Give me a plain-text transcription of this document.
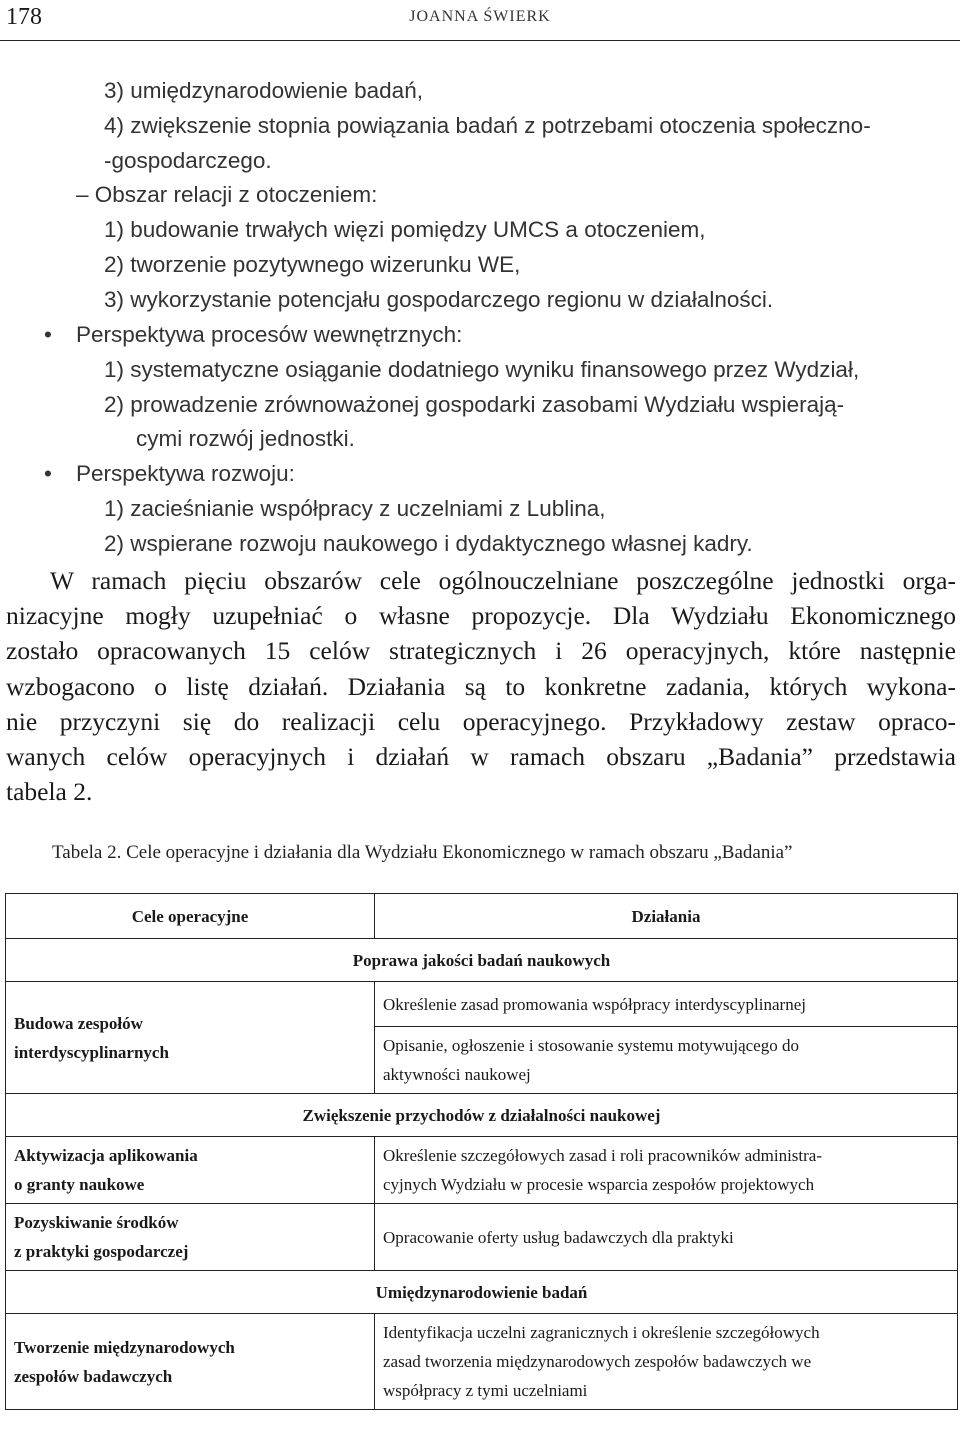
178	JOANNA ŚWIERK
3) umiędzynarodowienie badań,
4) zwiększenie stopnia powiązania badań z potrzebami otoczenia społeczno-
-gospodarczego.
– Obszar relacji z otoczeniem:
1) budowanie trwałych więzi pomiędzy UMCS a otoczeniem,
2) tworzenie pozytywnego wizerunku WE,
3) wykorzystanie potencjału gospodarczego regionu w działalności.
• Perspektywa procesów wewnętrznych:
1) systematyczne osiąganie dodatniego wyniku finansowego przez Wydział,
2) prowadzenie zrównoważonej gospodarki zasobami Wydziału wspierają-
cymi rozwój jednostki.
• Perspektywa rozwoju:
1) zacieśnianie współpracy z uczelniami z Lublina,
2) wspierane rozwoju naukowego i dydaktycznego własnej kadry.
W ramach pięciu obszarów cele ogólnouczelniane poszczególne jednostki orga-
nizacyjne mogły uzupełniać o własne propozycje. Dla Wydziału Ekonomicznego
zostało opracowanych 15 celów strategicznych i 26 operacyjnych, które następnie
wzbogacono o listę działań. Działania są to konkretne zadania, których wykona-
nie przyczyni się do realizacji celu operacyjnego. Przykładowy zestaw opraco-
wanych celów operacyjnych i działań w ramach obszaru „Badania” przedstawia
tabela 2.
Tabela 2. Cele operacyjne i działania dla Wydziału Ekonomicznego w ramach obszaru „Badania”
Cele operacyjne	Działania
Poprawa jakości badań naukowych	
Budowa zespołów
interdyscyplinarnych	Określenie zasad promowania współpracy interdyscyplinarnej
	Opisanie, ogłoszenie i stosowanie systemu motywującego do
aktywności naukowej
Zwiększenie przychodów z działalności naukowej	
Aktywizacja aplikowania
o granty naukowe	Określenie szczegółowych zasad i roli pracowników administra-
cyjnych Wydziału w procesie wsparcia zespołów projektowych
Pozyskiwanie środków
z praktyki gospodarczej	Opracowanie oferty usług badawczych dla praktyki
Umiędzynarodowienie badań	
Tworzenie międzynarodowych
zespołów badawczych	Identyfikacja uczelni zagranicznych i określenie szczegółowych
zasad tworzenia międzynarodowych zespołów badawczych we
współpracy z tymi uczelniami
